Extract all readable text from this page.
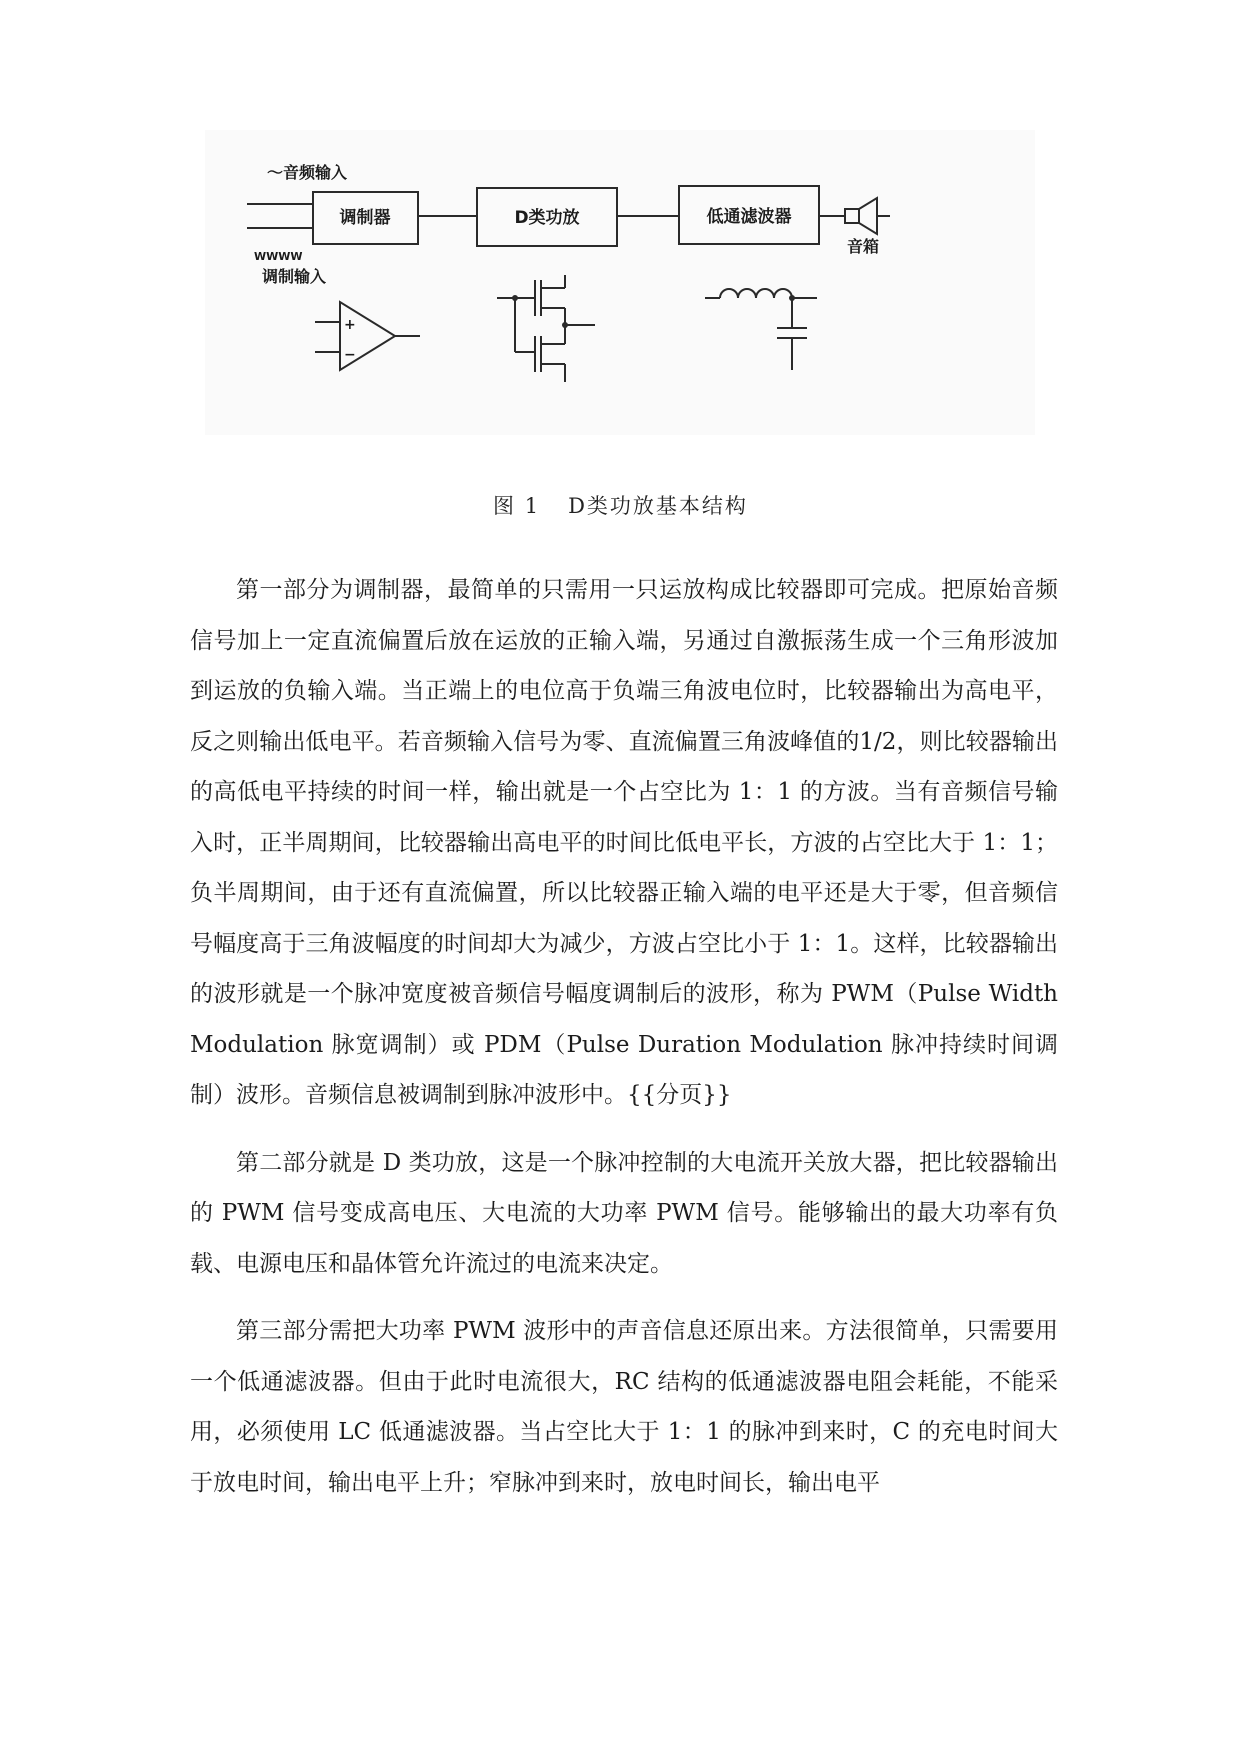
～音频输入
WWWW
调制输入
调制器	D类功放	低通滤波器
音箱
+
−
图 1 D类功放基本结构

第一部分为调制器，最简单的只需用一只运放构成比较器即可完成。把原始音频信号加上一定直流偏置后放在运放的正输入端，另通过自激振荡生成一个三角形波加到运放的负输入端。当正端上的电位高于负端三角波电位时，比较器输出为高电平，反之则输出低电平。若音频输入信号为零、直流偏置三角波峰值的1/2，则比较器输出的高低电平持续的时间一样，输出就是一个占空比为 1：1 的方波。当有音频信号输入时，正半周期间，比较器输出高电平的时间比低电平长，方波的占空比大于 1：1；负半周期间，由于还有直流偏置，所以比较器正输入端的电平还是大于零，但音频信号幅度高于三角波幅度的时间却大为减少，方波占空比小于 1：1。这样，比较器输出的波形就是一个脉冲宽度被音频信号幅度调制后的波形，称为 PWM（Pulse Width Modulation 脉宽调制）或 PDM（Pulse Duration Modulation 脉冲持续时间调制）波形。音频信息被调制到脉冲波形中。{{分页}}

第二部分就是 D 类功放，这是一个脉冲控制的大电流开关放大器，把比较器输出的 PWM 信号变成高电压、大电流的大功率 PWM 信号。能够输出的最大功率有负载、电源电压和晶体管允许流过的电流来决定。

第三部分需把大功率 PWM 波形中的声音信息还原出来。方法很简单，只需要用一个低通滤波器。但由于此时电流很大，RC 结构的低通滤波器电阻会耗能，不能采用，必须使用 LC 低通滤波器。当占空比大于 1：1 的脉冲到来时，C 的充电时间大于放电时间，输出电平上升；窄脉冲到来时，放电时间长，输出电平
